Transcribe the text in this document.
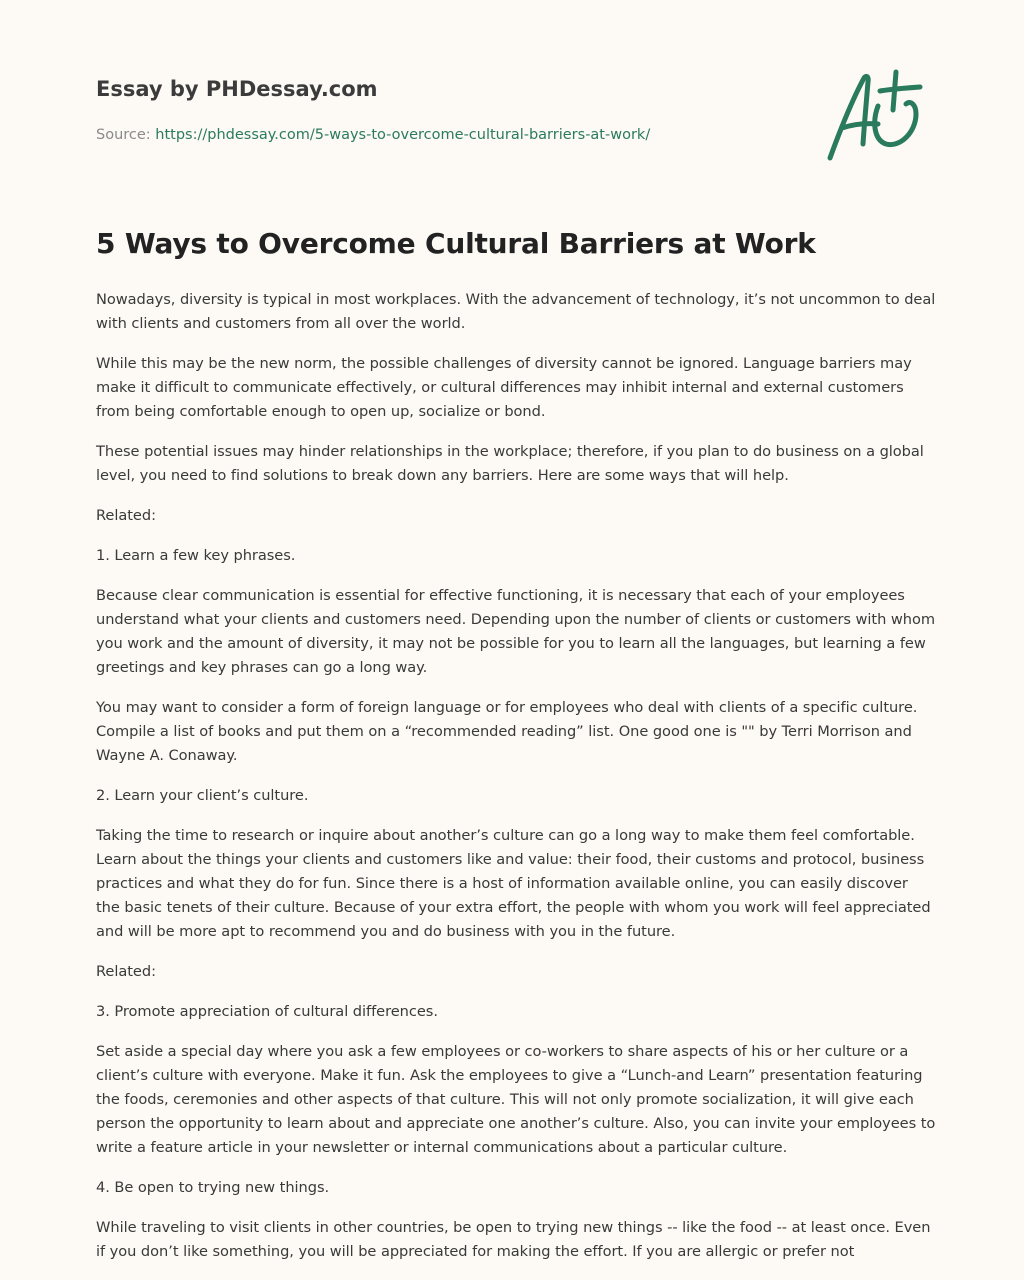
Essay by PHDessay.com
Source: https://phdessay.com/5-ways-to-overcome-cultural-barriers-at-work/
5 Ways to Overcome Cultural Barriers at Work

Nowadays, diversity is typical in most workplaces. With the advancement of technology, it’s not uncommon to deal with clients and customers from all over the world.

While this may be the new norm, the possible challenges of diversity cannot be ignored. Language barriers may make it difficult to communicate effectively, or cultural differences may inhibit internal and external customers from being comfortable enough to open up, socialize or bond.

These potential issues may hinder relationships in the workplace; therefore, if you plan to do business on a global level, you need to find solutions to break down any barriers. Here are some ways that will help.

Related:

1. Learn a few key phrases.

Because clear communication is essential for effective functioning, it is necessary that each of your employees understand what your clients and customers need. Depending upon the number of clients or customers with whom you work and the amount of diversity, it may not be possible for you to learn all the languages, but learning a few greetings and key phrases can go a long way.

You may want to consider a form of foreign language or for employees who deal with clients of a specific culture. Compile a list of books and put them on a “recommended reading” list. One good one is "" by Terri Morrison and Wayne A. Conaway.

2. Learn your client’s culture.

Taking the time to research or inquire about another’s culture can go a long way to make them feel comfortable. Learn about the things your clients and customers like and value: their food, their customs and protocol, business practices and what they do for fun. Since there is a host of information available online, you can easily discover the basic tenets of their culture. Because of your extra effort, the people with whom you work will feel appreciated and will be more apt to recommend you and do business with you in the future.

Related:

3. Promote appreciation of cultural differences.

Set aside a special day where you ask a few employees or co-workers to share aspects of his or her culture or a client’s culture with everyone. Make it fun. Ask the employees to give a “Lunch-and Learn” presentation featuring the foods, ceremonies and other aspects of that culture. This will not only promote socialization, it will give each person the opportunity to learn about and appreciate one another’s culture. Also, you can invite your employees to write a feature article in your newsletter or internal communications about a particular culture.

4. Be open to trying new things.

While traveling to visit clients in other countries, be open to trying new things -- like the food -- at least once. Even if you don’t like something, you will be appreciated for making the effort. If you are allergic or prefer not
